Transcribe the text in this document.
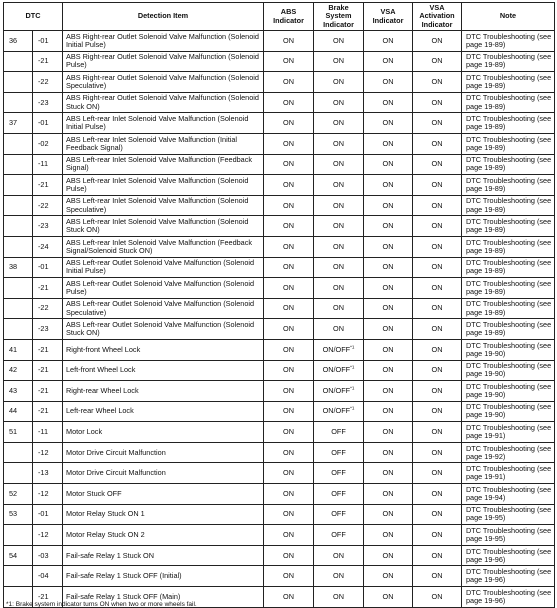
DTC		Detection Item	ABS Indicator	Brake System Indicator	VSA Indicator	VSA Activation Indicator	Note
36	-01	ABS Right-rear Outlet Solenoid Valve Malfunction (Solenoid Initial Pulse)	ON	ON	ON	ON	DTC Troubleshooting (see page 19-89)
	-21	ABS Right-rear Outlet Solenoid Valve Malfunction (Solenoid Pulse)	ON	ON	ON	ON	DTC Troubleshooting (see page 19-89)
	-22	ABS Right-rear Outlet Solenoid Valve Malfunction (Solenoid Speculative)	ON	ON	ON	ON	DTC Troubleshooting (see page 19-89)
	-23	ABS Right-rear Outlet Solenoid Valve Malfunction (Solenoid Stuck ON)	ON	ON	ON	ON	DTC Troubleshooting (see page 19-89)
37	-01	ABS Left-rear Inlet Solenoid Valve Malfunction (Solenoid Initial Pulse)	ON	ON	ON	ON	DTC Troubleshooting (see page 19-89)
	-02	ABS Left-rear Inlet Solenoid Valve Malfunction (Initial Feedback Signal)	ON	ON	ON	ON	DTC Troubleshooting (see page 19-89)
	-11	ABS Left-rear Inlet Solenoid Valve Malfunction (Feedback Signal)	ON	ON	ON	ON	DTC Troubleshooting (see page 19-89)
	-21	ABS Left-rear Inlet Solenoid Valve Malfunction (Solenoid Pulse)	ON	ON	ON	ON	DTC Troubleshooting (see page 19-89)
	-22	ABS Left-rear Inlet Solenoid Valve Malfunction (Solenoid Speculative)	ON	ON	ON	ON	DTC Troubleshooting (see page 19-89)
	-23	ABS Left-rear Inlet Solenoid Valve Malfunction (Solenoid Stuck ON)	ON	ON	ON	ON	DTC Troubleshooting (see page 19-89)
	-24	ABS Left-rear Inlet Solenoid Valve Malfunction (Feedback Signal/Solenoid Stuck ON)	ON	ON	ON	ON	DTC Troubleshooting (see page 19-89)
38	-01	ABS Left-rear Outlet Solenoid Valve Malfunction (Solenoid Initial Pulse)	ON	ON	ON	ON	DTC Troubleshooting (see page 19-89)
	-21	ABS Left-rear Outlet Solenoid Valve Malfunction (Solenoid Pulse)	ON	ON	ON	ON	DTC Troubleshooting (see page 19-89)
	-22	ABS Left-rear Outlet Solenoid Valve Malfunction (Solenoid Speculative)	ON	ON	ON	ON	DTC Troubleshooting (see page 19-89)
	-23	ABS Left-rear Outlet Solenoid Valve Malfunction (Solenoid Stuck ON)	ON	ON	ON	ON	DTC Troubleshooting (see page 19-89)
41	-21	Right-front Wheel Lock	ON	ON/OFF$^{*1}$	ON	ON	DTC Troubleshooting (see page 19-90)
42	-21	Left-front Wheel Lock	ON	ON/OFF$^{*1}$	ON	ON	DTC Troubleshooting (see page 19-90)
43	-21	Right-rear Wheel Lock	ON	ON/OFF$^{*1}$	ON	ON	DTC Troubleshooting (see page 19-90)
44	-21	Left-rear Wheel Lock	ON	ON/OFF$^{*1}$	ON	ON	DTC Troubleshooting (see page 19-90)
51	-11	Motor Lock	ON	OFF	ON	ON	DTC Troubleshooting (see page 19-91)
	-12	Motor Drive Circuit Malfunction	ON	OFF	ON	ON	DTC Troubleshooting (see page 19-92)
	-13	Motor Drive Circuit Malfunction	ON	OFF	ON	ON	DTC Troubleshooting (see page 19-91)
52	-12	Motor Stuck OFF	ON	OFF	ON	ON	DTC Troubleshooting (see page 19-94)
53	-01	Motor Relay Stuck ON 1	ON	OFF	ON	ON	DTC Troubleshooting (see page 19-95)
	-12	Motor Relay Stuck ON 2	ON	OFF	ON	ON	DTC Troubleshooting (see page 19-95)
54	-03	Fail-safe Relay 1 Stuck ON	ON	ON	ON	ON	DTC Troubleshooting (see page 19-96)
	-04	Fail-safe Relay 1 Stuck OFF (Initial)	ON	ON	ON	ON	DTC Troubleshooting (see page 19-96)
	-21	Fail-safe Relay 1 Stuck OFF (Main)	ON	ON	ON	ON	DTC Troubleshooting (see page 19-96)
*1: Brake system indicator turns ON when two or more wheels fail.
